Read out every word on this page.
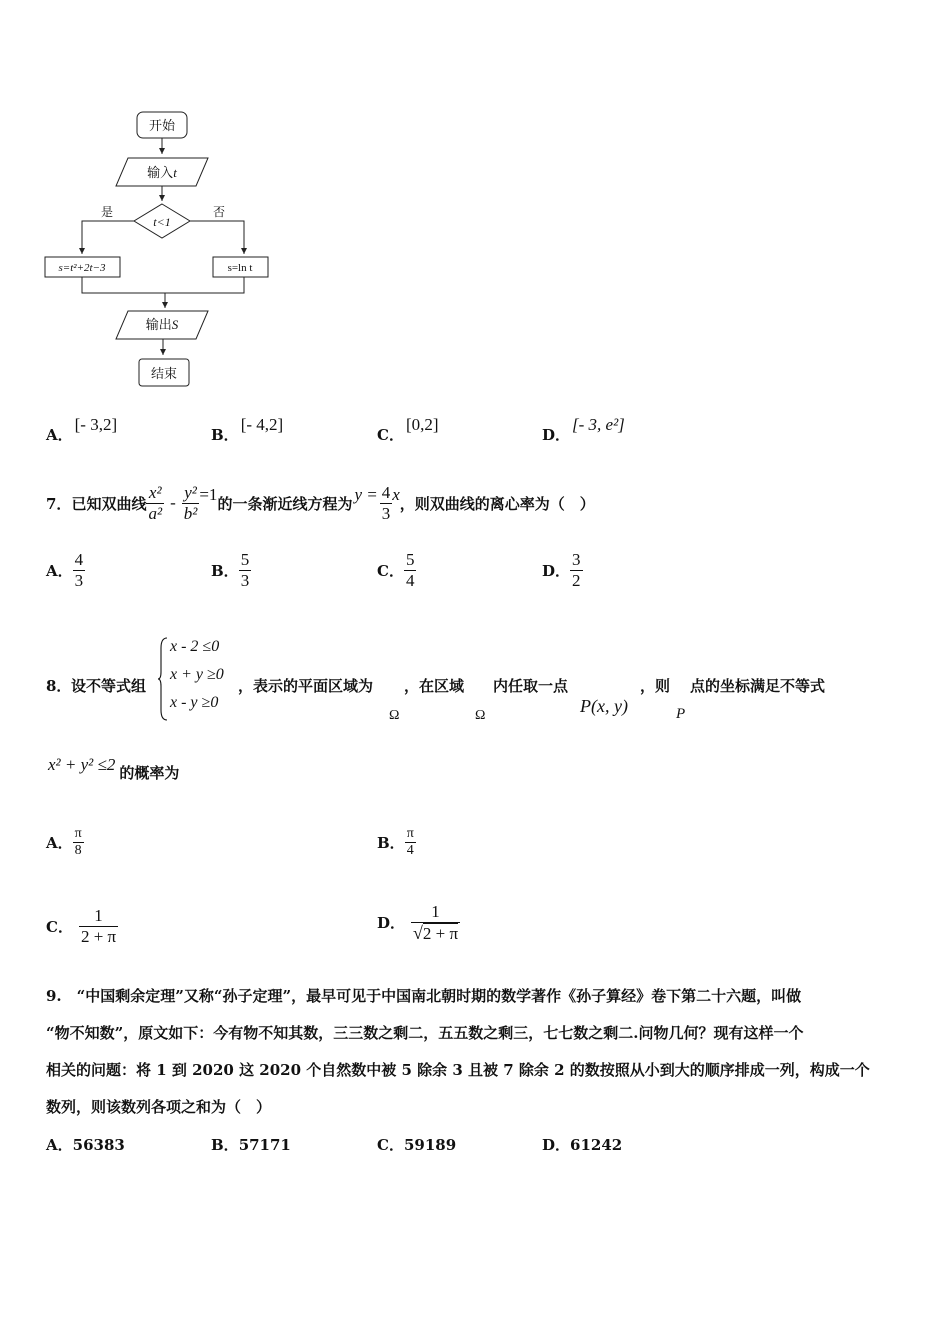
开始
输入t
t<1
是	否
s=t²+2t−3	s=ln t
输出S
结束
A．[- 3,2]
B．[- 4,2]
C．[0,2]
D．[- 3, e²]
7． 已知双曲线 $\frac{\text{x²}}{\text{a²}} - \frac{\text{y²}}{\text{b²}} =1$ 的一条渐近线方程为 $y = \frac{4}{3}$ x ，则双曲线的离心率为（　）
A． $\frac{4}{3}$	B． $\frac{5}{3}$	C． $\frac{5}{4}$	D． $\frac{3}{2}$
8． 设不等式组
x - 2 ≤0
x + y ≥0
x - y ≥0
，表示的平面区域为
Ω
，在区域
Ω
内任取一点
P(x, y)
，则
P
点的坐标满足不等式
x² + y² ≤2 的概率为
A． $\frac{\pi}{8}$	B． $\frac{\pi}{4}$
C． $\frac{1}{2 + \pi}$	D． $\frac{1}{√ 2 + \pi}$
9.　“中国剩余定理”又称“孙子定理”，最早可见于中国南北朝时期的数学著作《孙子算经》卷下第二十六题，叫做
“物不知数”，原文如下：今有物不知其数，三三数之剩二，五五数之剩三，七七数之剩二.问物几何？现有这样一个
相关的问题：将 1 到 2020 这 2020 个自然数中被 5 除余 3 且被 7 除余 2 的数按照从小到大的顺序排成一列，构成一个
数列，则该数列各项之和为（　）
A．56383	B．57171	C．59189	D．61242
